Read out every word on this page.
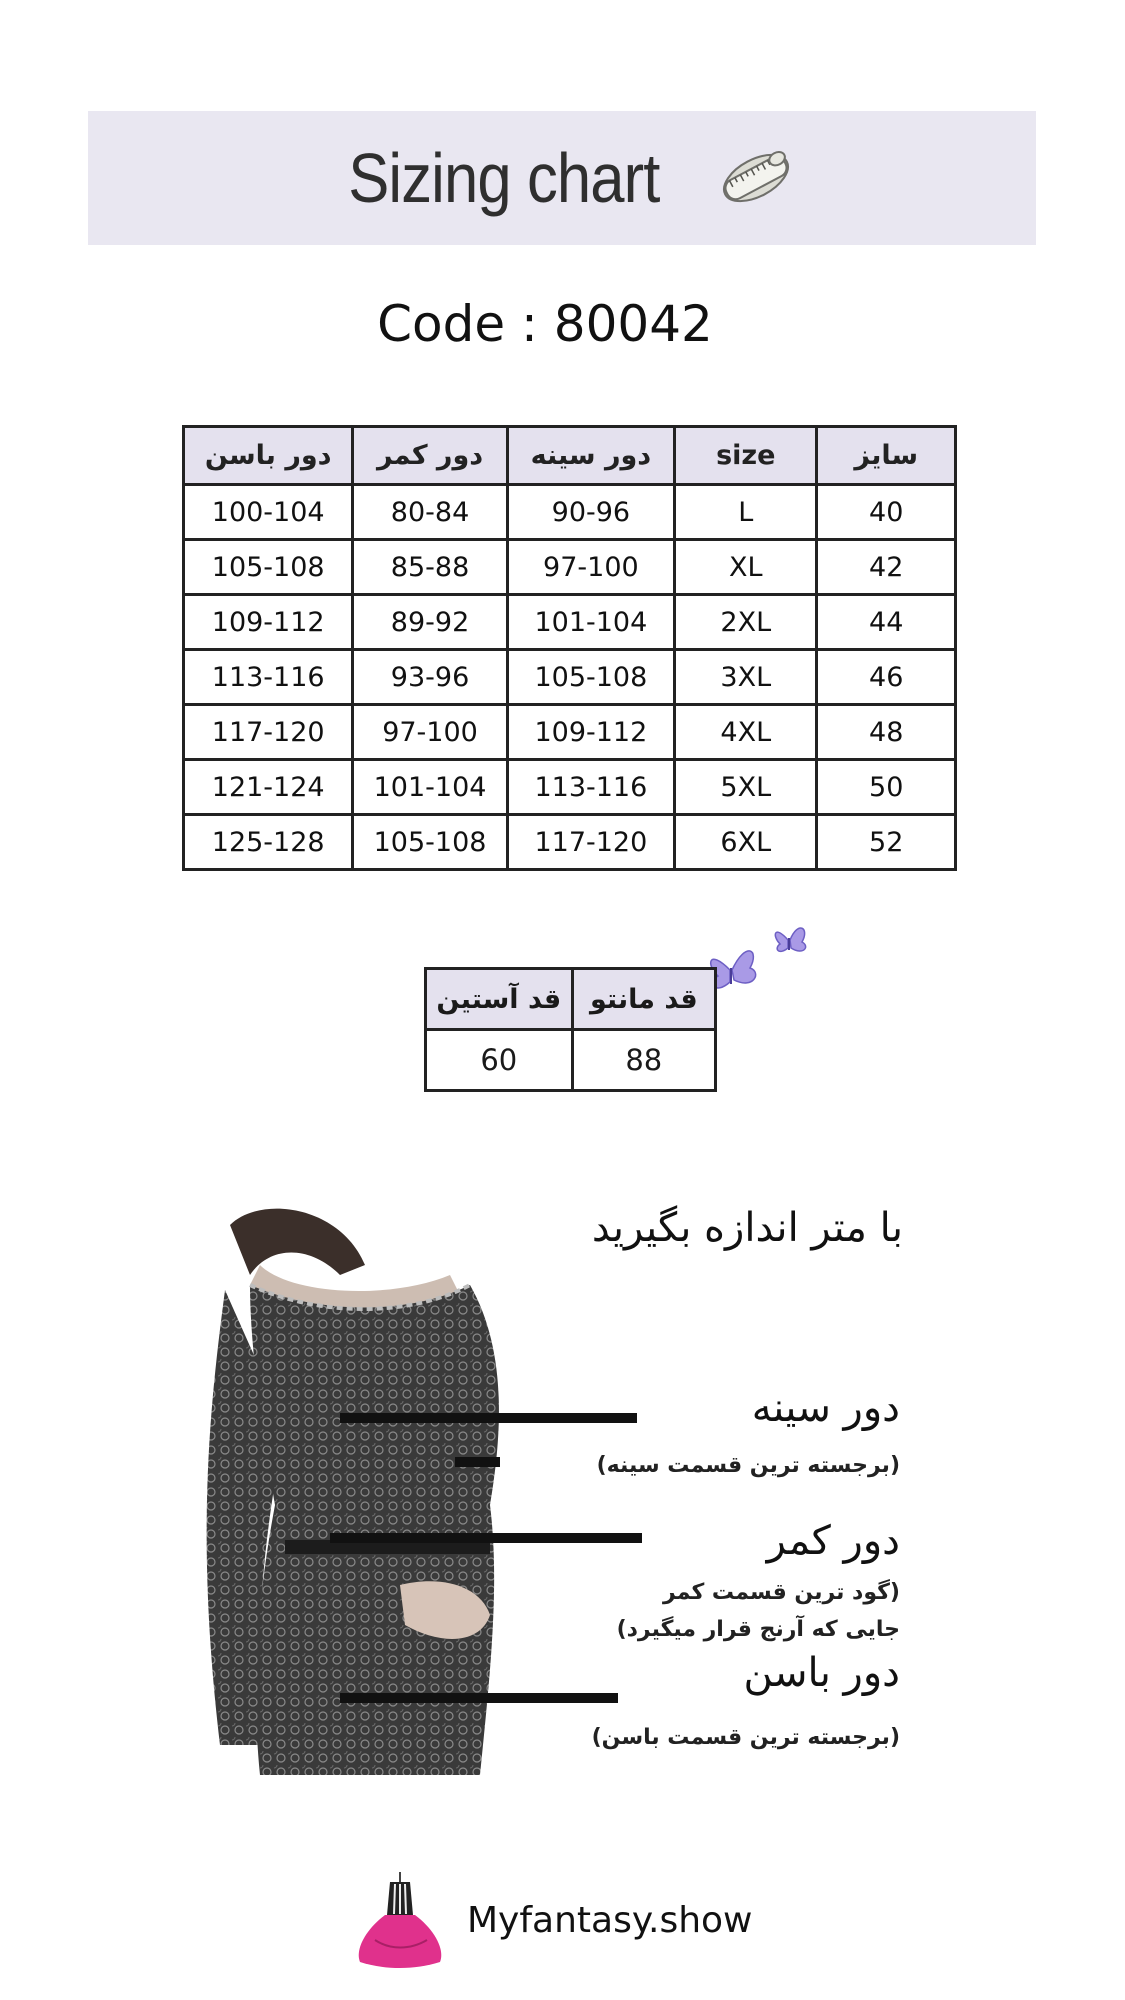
Sizing chart
Code : 80042
دور باسن	دور کمر	دور سینه	size	سایز
100-104	80-84	90-96	L	40
105-108	85-88	97-100	XL	42
109-112	89-92	101-104	2XL	44
113-116	93-96	105-108	3XL	46
117-120	97-100	109-112	4XL	48
121-124	101-104	113-116	5XL	50
125-128	105-108	117-120	6XL	52
قد آستین	قد مانتو
60	88
با متر اندازه بگیرید
دور سینه
(برجسته ترین قسمت سینه)
دور کمر
(گود ترین قسمت کمر
جایی که آرنج قرار میگیرد)
دور باسن
(برجسته ترین قسمت باسن)
Myfantasy.show
